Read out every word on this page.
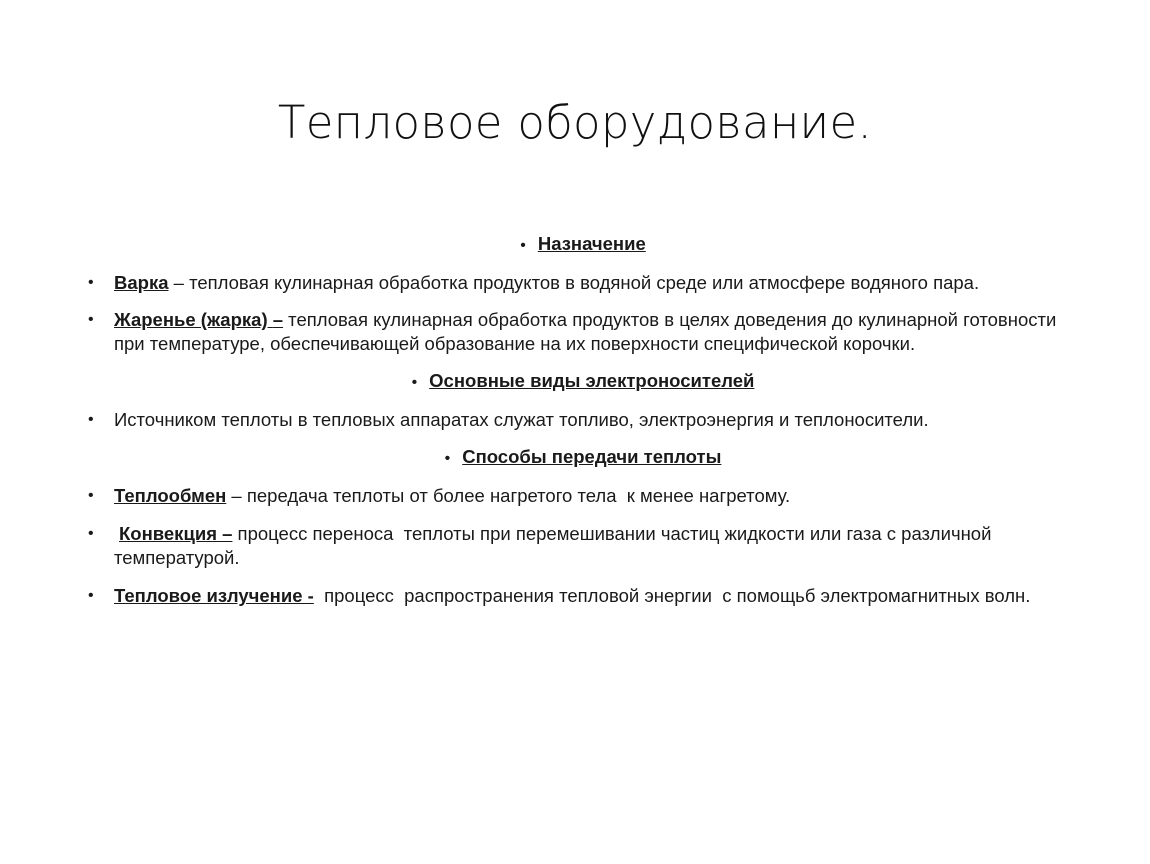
Тепловое оборудование.

• Назначение

• Варка – тепловая кулинарная обработка продуктов в водяной среде или атмосфере водяного пара.

• Жаренье (жарка) – тепловая кулинарная обработка продуктов в целях доведения до кулинарной готовности при температуре, обеспечивающей образование на их поверхности специфической корочки.

• Основные виды электроносителей

• Источником теплоты в тепловых аппаратах служат топливо, электроэнергия и теплоносители.

• Способы передачи теплоты

• Теплообмен – передача теплоты от более нагретого тела  к менее нагретому.

• Конвекция – процесс переноса  теплоты при перемешивании частиц жидкости или газа с различной температурой.

• Тепловое излучение -  процесс  распространения тепловой энергии  с помощьб электромагнитных волн.
